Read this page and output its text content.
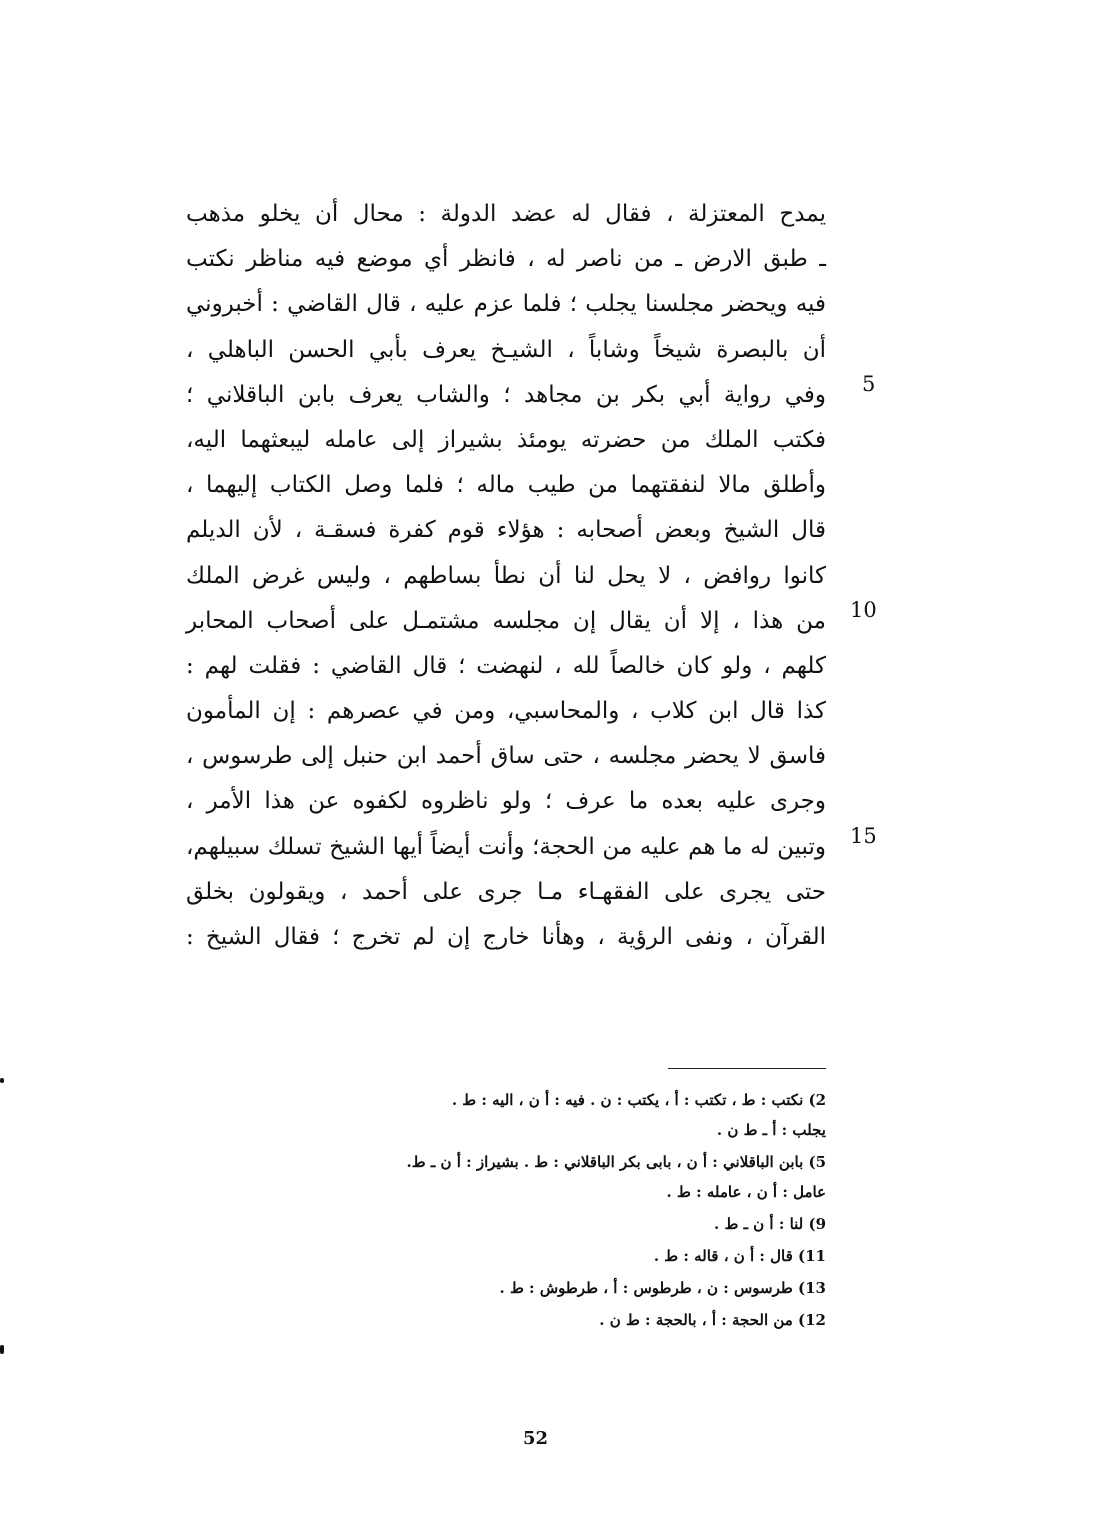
يمدح المعتزلة ، فقال له عضد الدولة : محال أن يخلو مذهب
ـ طبق الارض ـ من ناصر له ، فانظر أي موضع فيه مناظر نكتب
فيه ويحضر مجلسنا يجلب ؛ فلما عزم عليه ، قال القاضي : أخبروني
أن بالبصرة شيخاً وشاباً ، الشيـخ يعرف بأبي الحسن الباهلي ،
وفي رواية أبي بكر بن مجاهد ؛ والشاب يعرف بابن الباقلاني ؛
فكتب الملك من حضرته يومئذ بشيراز إلى عامله ليبعثهما اليه،
وأطلق مالا لنفقتهما من طيب ماله ؛ فلما وصل الكتاب إليهما ،
قال الشيخ وبعض أصحابه : هؤلاء قوم كفرة فسقـة ، لأن الديلم
كانوا روافض ، لا يحل لنا أن نطأ بساطهم ، وليس غرض الملك
من هذا ، إلا أن يقال إن مجلسه مشتمـل على أصحاب المحابر
كلهم ، ولو كان خالصاً لله ، لنهضت ؛ قال القاضي : فقلت لهم :
كذا قال ابن كلاب ، والمحاسبي، ومن في عصرهم : إن المأمون
فاسق لا يحضر مجلسه ، حتى ساق أحمد ابن حنبل إلى طرسوس ،
وجرى عليه بعده ما عرف ؛ ولو ناظروه لكفوه عن هذا الأمر ،
وتبين له ما هم عليه من الحجة؛ وأنت أيضاً أيها الشيخ تسلك سبيلهم،
حتى يجرى على الفقهـاء مـا جرى على أحمد ، ويقولون بخلق
القرآن ، ونفى الرؤية ، وهأنا خارج إن لم تخرج ؛ فقال الشيخ :
5
10
15
2) نكتب : ط ، تكتب : أ ، يكتب : ن . فيه : أ ن ، اليه : ط .
يجلب : أ ـ ط ن .
5) بابن الباقلاني : أ ن ، بابى بكر الباقلاني : ط . بشيراز : أ ن ـ ط.
عامل : أ ن ، عامله : ط .
9) لنا : أ ن ـ ط .
11) قال : أ ن ، قاله : ط .
13) طرسوس : ن ، طرطوس : أ ، طرطوش : ط .
12) من الحجة : أ ، بالحجة : ط ن .
52
